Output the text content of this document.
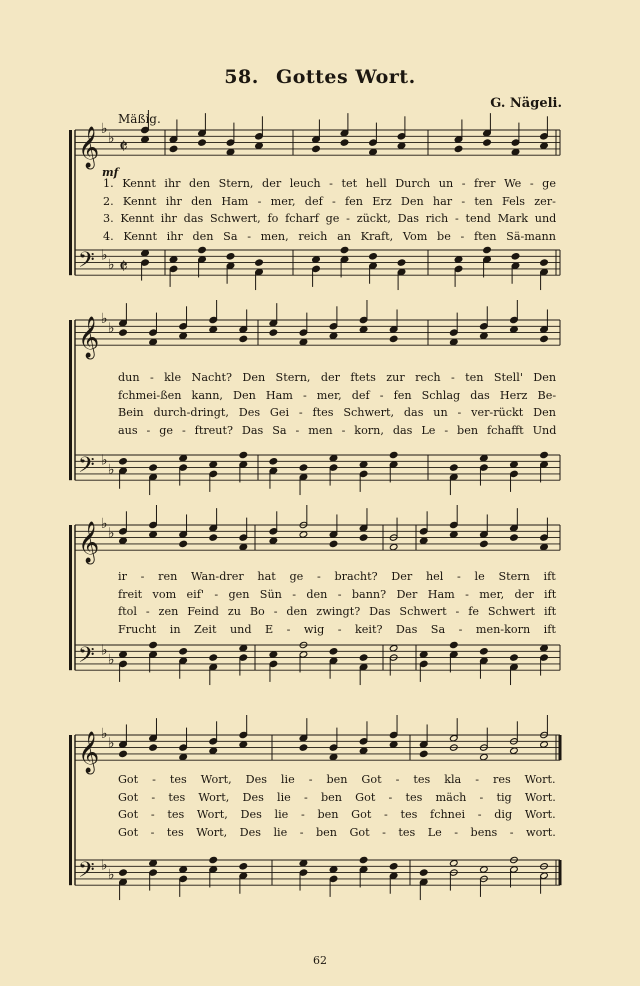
58. Gottes Wort.
G. Nägeli.
Mäßig.
mf
𝄞
𝄢
♭
♭
♭
♭
𝄵
𝄵
𝄞
𝄢
♭
♭
♭
♭
𝄞
𝄢
♭
♭
♭
♭
𝄞
𝄢
♭
♭
♭
♭
1. Kennt ihr den Stern, der leuch - tet hell Durch un - frer We - ge
2. Kennt ihr den Ham - mer, def - fen Erz Den har - ten Fels zer-
3. Kennt ihr das Schwert, fo fcharf ge - zückt, Das rich - tend Mark und
4. Kennt ihr den Sa - men, reich an Kraft, Vom be - ften Sä-mann
dun - kle Nacht? Den Stern, der ftets zur rech - ten Stell' Den
fchmei-ßen kann, Den Ham - mer, def - fen Schlag das Herz Be-
Bein durch-dringt, Des Gei - ftes Schwert, das un - ver-rückt Den
aus - ge - ftreut? Das Sa - men - korn, das Le - ben fchafft Und
ir - ren Wan-drer hat ge - bracht? Der hel - le Stern ift
freit vom eif' - gen Sün - den - bann? Der Ham - mer, der ift
ftol - zen Feind zu Bo - den zwingt? Das Schwert - fe Schwert ift
Frucht in Zeit und E - wig - keit? Das Sa - men-korn ift
Got - tes Wort, Des lie - ben Got - tes kla - res Wort.
Got - tes Wort, Des lie - ben Got - tes mäch - tig Wort.
Got - tes Wort, Des lie - ben Got - tes fchnei - dig Wort.
Got - tes Wort, Des lie - ben Got - tes Le - bens - wort.
62
